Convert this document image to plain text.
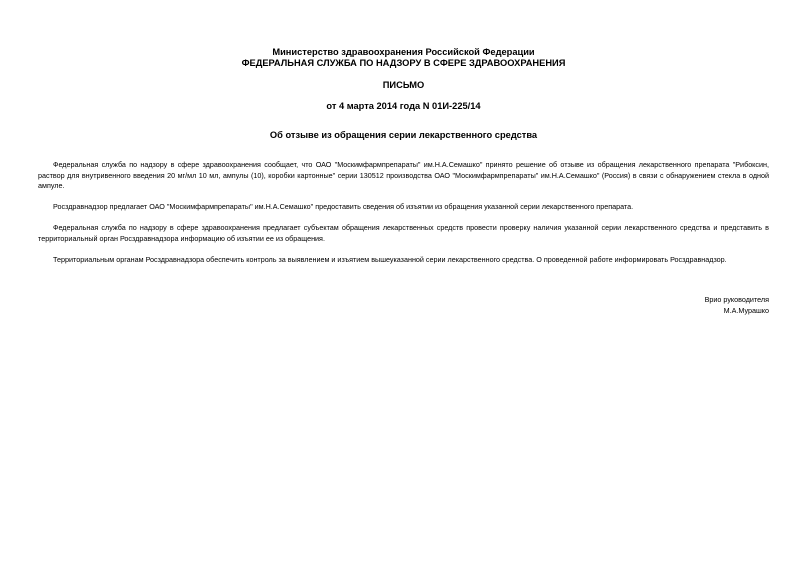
Министерство здравоохранения Российской Федерации
ФЕДЕРАЛЬНАЯ СЛУЖБА ПО НАДЗОРУ В СФЕРЕ ЗДРАВООХРАНЕНИЯ
ПИСЬМО
от 4 марта 2014 года N 01И-225/14
Об отзыве из обращения серии лекарственного средства

Федеральная служба по надзору в сфере здравоохранения сообщает, что ОАО "Москимфармпрепараты" им.Н.А.Семашко" принято решение об отзыве из обращения лекарственного препарата "Рибоксин, раствор для внутривенного введения 20 мг/мл 10 мл, ампулы (10), коробки картонные" серии 130512 производства ОАО "Москимфармпрепараты" им.Н.А.Семашко" (Россия) в связи с обнаружением стекла в одной ампуле.

Росздравнадзор предлагает ОАО "Москимфармпрепараты" им.Н.А.Семашко" предоставить сведения об изъятии из обращения указанной серии лекарственного препарата.

Федеральная служба по надзору в сфере здравоохранения предлагает субъектам обращения лекарственных средств провести проверку наличия указанной серии лекарственного средства и представить в территориальный орган Росздравнадзора информацию об изъятии ее из обращения.

Территориальным органам Росздравнадзора обеспечить контроль за выявлением и изъятием вышеуказанной серии лекарственного средства. О проведенной работе информировать Росздравнадзор.

Врио руководителя
М.А.Мурашко
